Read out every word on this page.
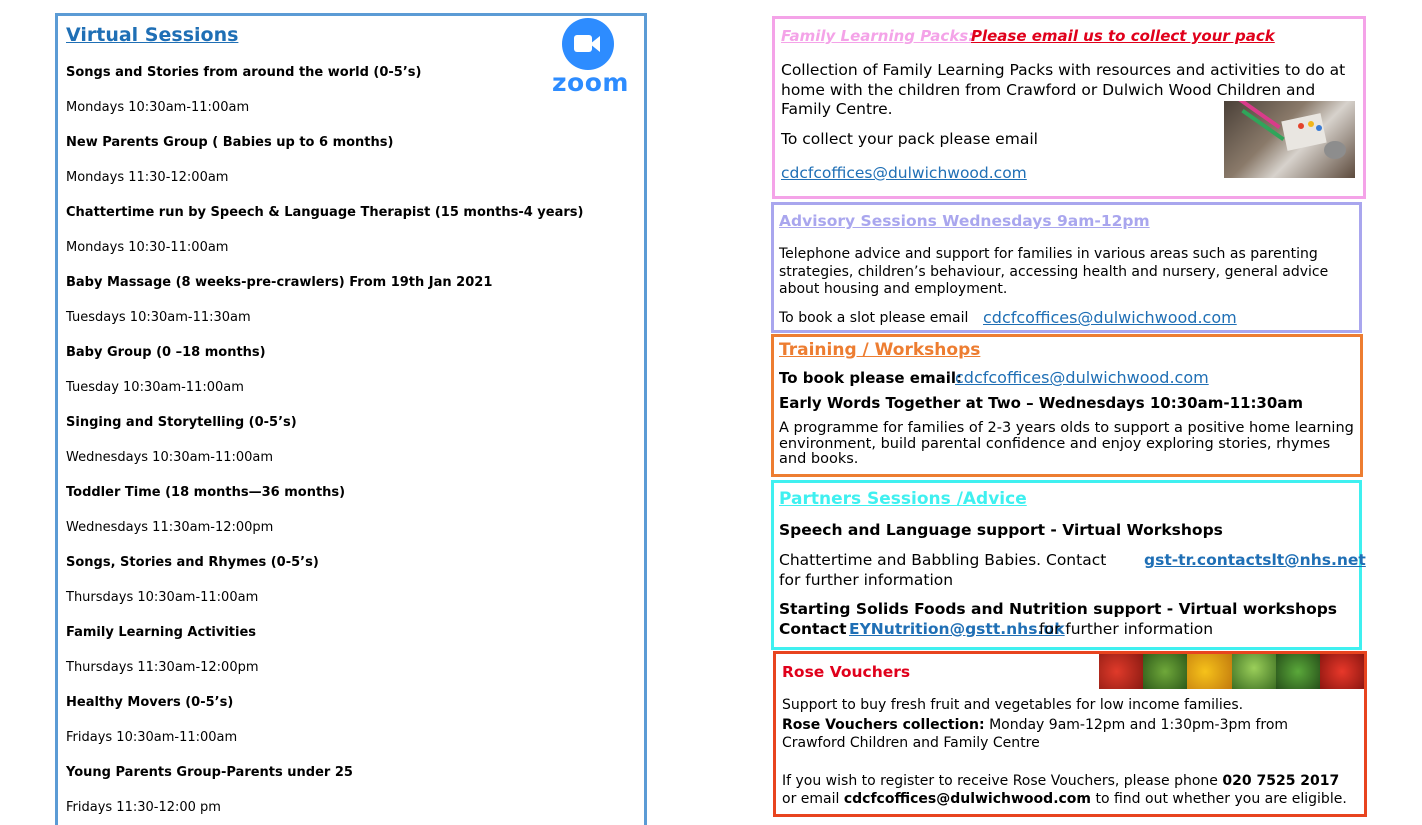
Virtual Sessions
zoom
Songs and Stories from around the world (0-5’s)
Mondays 10:30am-11:00am
New Parents Group ( Babies up to 6 months)
Mondays 11:30-12:00am
Chattertime run by Speech & Language Therapist (15 months-4 years)
Mondays 10:30-11:00am
Baby Massage (8 weeks-pre-crawlers) From 19th Jan 2021
Tuesdays 10:30am-11:30am
Baby Group (0 –18 months)
Tuesday 10:30am-11:00am
Singing and Storytelling (0-5’s)
Wednesdays 10:30am-11:00am
Toddler Time (18 months—36 months)
Wednesdays 11:30am-12:00pm
Songs, Stories and Rhymes (0-5’s)
Thursdays 10:30am-11:00am
Family Learning Activities
Thursdays 11:30am-12:00pm
Healthy Movers (0-5’s)
Fridays 10:30am-11:00am
Young Parents Group-Parents under 25
Fridays 11:30-12:00 pm
Family Learning Packs:
Please email us to collect your pack
Collection of Family Learning Packs with resources and activities to do at home with the children from Crawford or Dulwich Wood Children and Family Centre.
To collect your pack please email
cdcfcoffices@dulwichwood.com
Advisory Sessions Wednesdays 9am-12pm
Telephone advice and support for families in various areas such as parenting strategies, children’s behaviour, accessing health and nursery, general advice about housing and employment.
To book a slot please email cdcfcoffices@dulwichwood.com
Training / Workshops
To book please email:
cdcfcoffices@dulwichwood.com
Early Words Together at Two – Wednesdays 10:30am-11:30am
A programme for families of 2-3 years olds to support a positive home learning environment, build parental confidence and enjoy exploring stories, rhymes and books.
Partners Sessions /Advice
Speech and Language support - Virtual Workshops
Chattertime and Babbling Babies. Contact gst-tr.contactslt@nhs.net
for further information
Starting Solids Foods and Nutrition support - Virtual workshops
Contact EYNutrition@gstt.nhs.uk
for further information
Rose Vouchers
Support to buy fresh fruit and vegetables for low income families.
Rose Vouchers collection: Monday 9am-12pm and 1:30pm-3pm from Crawford Children and Family Centre
If you wish to register to receive Rose Vouchers, please phone 020 7525 2017
or email cdcfcoffices@dulwichwood.com to find out whether you are eligible.
